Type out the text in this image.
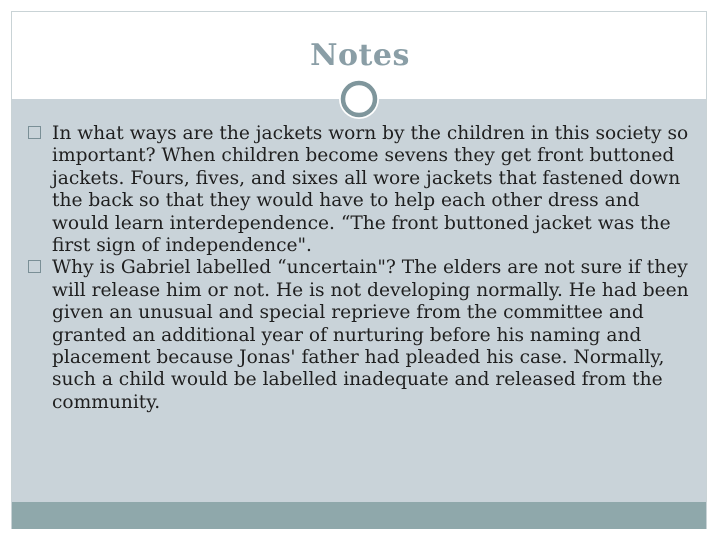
Notes
In what ways are the jackets worn by the children in this society so important? When children become sevens they get front buttoned jackets. Fours, fives, and sixes all wore jackets that fastened down the back so that they would have to help each other dress and would learn interdependence. “The front buttoned jacket was the first sign of independence".
Why is Gabriel labelled “uncertain"? The elders are not sure if they will release him or not. He is not developing normally. He had been given an unusual and special reprieve from the committee and granted an additional year of nurturing before his naming and placement because Jonas' father had pleaded his case. Normally, such a child would be labelled inadequate and released from the community.
